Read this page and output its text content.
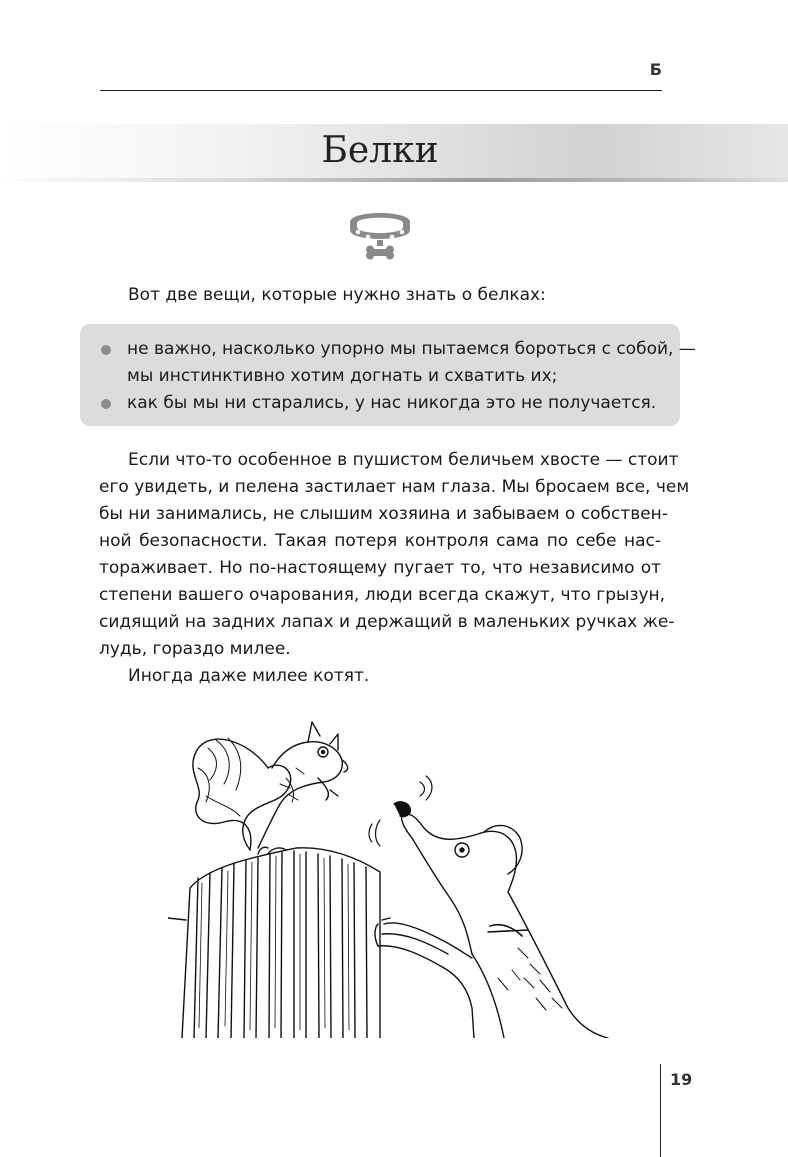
Б
Белки

Вот две вещи, которые нужно знать о белках:

не важно, насколько упорно мы пытаемся бороться с собой, —
мы инстинктивно хотим догнать и схватить их;
как бы мы ни старались, у нас никогда это не получается.
Если что-то особенное в пушистом беличьем хвосте — стоит
его увидеть, и пелена застилает нам глаза. Мы бросаем все, чем
бы ни занимались, не слышим хозяина и забываем о собствен-
ной безопасности. Такая потеря контроля сама по себе нас-
тораживает. Но по-настоящему пугает то, что независимо от
степени вашего очарования, люди всегда скажут, что грызун,
сидящий на задних лапах и держащий в маленьких ручках же-
лудь, гораздо милее.

Иногда даже милее котят.

19
